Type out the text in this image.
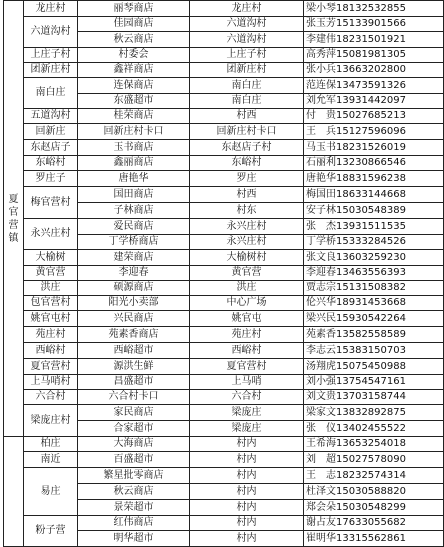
夏官营镇	龙庄村	丽琴商店	龙庄村	梁小琴18132532855
	六道沟村	佳园商店	六道沟村	张玉芳15133901566
		秋云商店	六道沟村	李建伟18231501921
	上庄子村	村委会	上庄子村	高秀萍15081981305
	团新庄村	鑫祥商店	团新庄村	张小兵13663202800
	南白庄	连保商店	南白庄	范连保13473591326
		东盛超市	南白庄	刘允军13931442097
	五道沟村	桂荣商店	村西	付　贵15027685213
	回新庄	回新庄村卡口	回新庄村卡口	王　兵15127596096
	东赵店子	玉书商店	东赵店子村	马玉书18231526019
	东峪村	鑫丽商店	东峪村	石丽利13230866546
	罗庄子	唐艳华	罗庄	唐艳华18831596238
	梅官营村	国田商店	村西	梅国田18633144668
		子林商店	村东	安子林15030548389
	永兴庄村	爱民商店	永兴庄村	张　杰13931511535
		丁学桥商店	永兴庄村	丁学桥15333284526
	大榆树	建荣商店	大榆树村	张文良13603259230
	黄官营	李迎春	黄官营	李迎春13463556393
	洪庄	硕源商店	洪庄	贾志宗15131508382
	包官营村	阳光小卖部	中心广场	伦兴华18931453668
	姚官屯村	兴民商店	姚官屯	梁兴民15930542264
	苑庄村	苑素香商店	苑庄村	苑素香13582558589
	西峪村	西峪超市	西峪村	李志云15383150703
	夏官营村	源洪生鲜	夏官营村	汤翔虎15075450988
	上马哨村	昌盛超市	上马哨	刘小强13754547161
	六合村	六合村卡口	六合村	刘文贵13703158744
	梁庞庄村	家民商店	梁庞庄	梁家文13832892875
		合家超市	梁庞庄	张　仪13402455522
	柏庄	大海商店	村内	王希海13653254018
	南近	百盛超市	村内	刘　超15027578090
	易庄	繁星批零商店	村内	王　志18232574314
		秋云商店	村内	杜泽文15030588820
		景荣超市	村内	郑会朵15030548299
	粉子营	红伟商店	村内	谢占友17633055682
		明华超市	村内	崔明华13315562861
